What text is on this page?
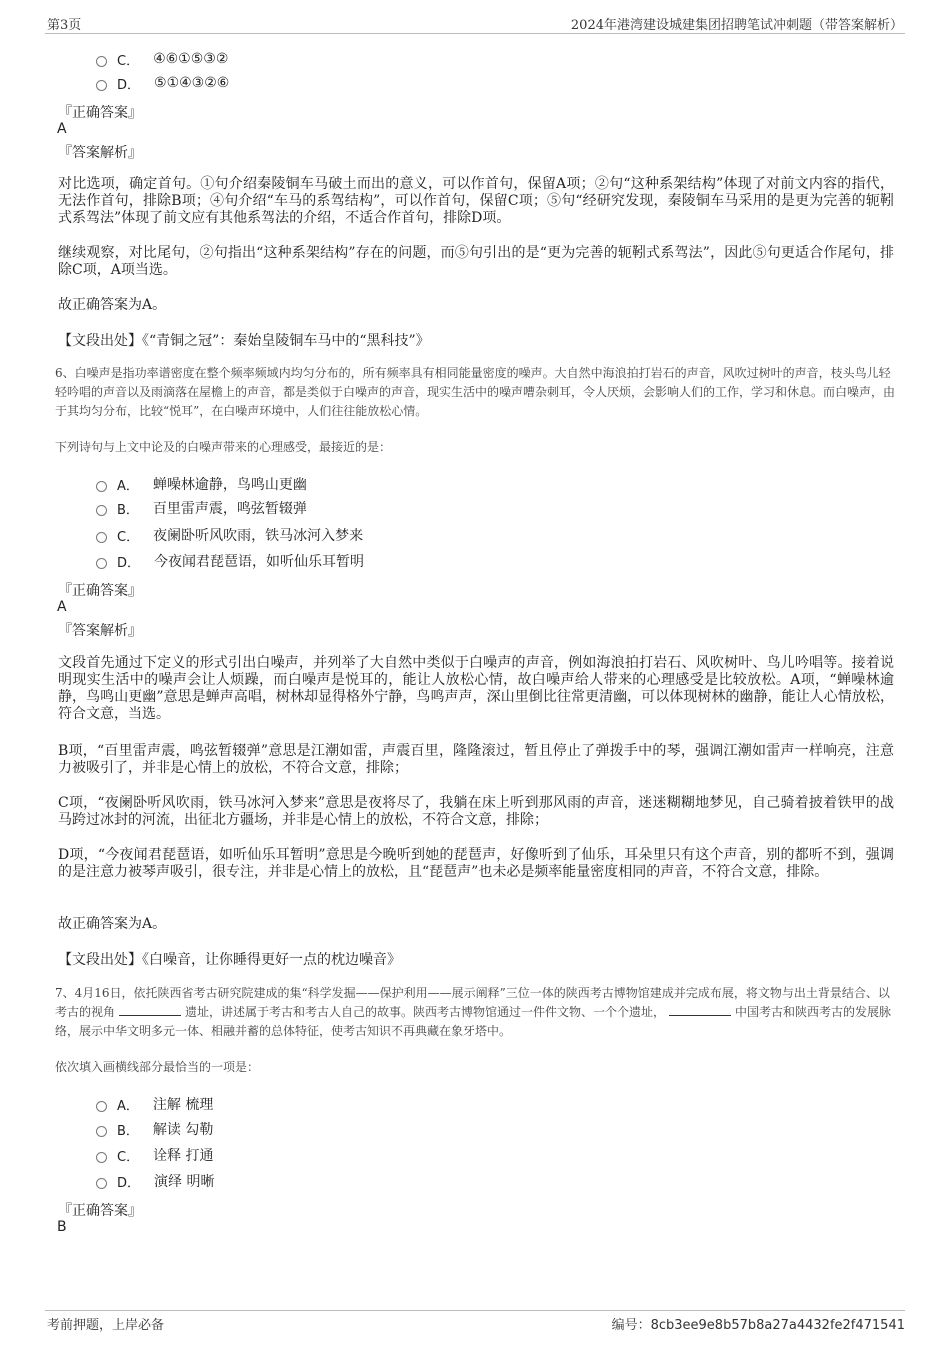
第3页	2024年港湾建设城建集团招聘笔试冲刺题（带答案解析）
C． ④⑥①⑤③②
D． ⑤①④③②⑥
『正确答案』
A
『答案解析』
对比选项，确定首句。①句介绍秦陵铜车马破土而出的意义，可以作首句，保留A项；②句“这种系架结构”体现了对前文内容的指代，无法作首句，排除B项；④句介绍“车马的系驾结构”，可以作首句，保留C项；⑤句“经研究发现，秦陵铜车马采用的是更为完善的轭靷式系驾法”体现了前文应有其他系驾法的介绍，不适合作首句，排除D项。
继续观察，对比尾句，②句指出“这种系架结构”存在的问题，而⑤句引出的是“更为完善的轭靷式系驾法”，因此⑤句更适合作尾句，排除C项，A项当选。
故正确答案为A。
【文段出处】《“青铜之冠”：秦始皇陵铜车马中的“黑科技”》
6、白噪声是指功率谱密度在整个频率频域内均匀分布的，所有频率具有相同能量密度的噪声。大自然中海浪拍打岩石的声音，风吹过树叶的声音，枝头鸟儿轻轻吟唱的声音以及雨滴落在屋檐上的声音，都是类似于白噪声的声音，现实生活中的噪声嘈杂刺耳，令人厌烦，会影响人们的工作，学习和休息。而白噪声，由于其均匀分布，比较“悦耳”，在白噪声环境中，人们往往能放松心情。
下列诗句与上文中论及的白噪声带来的心理感受，最接近的是：
A． 蝉噪林逾静，鸟鸣山更幽
B． 百里雷声震，鸣弦暂辍弹
C． 夜阑卧听风吹雨，铁马冰河入梦来
D． 今夜闻君琵琶语，如听仙乐耳暂明
『正确答案』
A
『答案解析』
文段首先通过下定义的形式引出白噪声，并列举了大自然中类似于白噪声的声音，例如海浪拍打岩石、风吹树叶、鸟儿吟唱等。接着说明现实生活中的噪声会让人烦躁，而白噪声是悦耳的，能让人放松心情，故白噪声给人带来的心理感受是比较放松。A项，“蝉噪林逾静，鸟鸣山更幽”意思是蝉声高唱，树林却显得格外宁静，鸟鸣声声，深山里倒比往常更清幽，可以体现树林的幽静，能让人心情放松，符合文意，当选。
B项，“百里雷声震，鸣弦暂辍弹”意思是江潮如雷，声震百里，隆隆滚过，暂且停止了弹拨手中的琴，强调江潮如雷声一样响亮，注意力被吸引了，并非是心情上的放松，不符合文意，排除；
C项，“夜阑卧听风吹雨，铁马冰河入梦来”意思是夜将尽了，我躺在床上听到那风雨的声音，迷迷糊糊地梦见，自己骑着披着铁甲的战马跨过冰封的河流，出征北方疆场，并非是心情上的放松，不符合文意，排除；
D项，“今夜闻君琵琶语，如听仙乐耳暂明”意思是今晚听到她的琵琶声，好像听到了仙乐，耳朵里只有这个声音，别的都听不到，强调的是注意力被琴声吸引，很专注，并非是心情上的放松，且“琵琶声”也未必是频率能量密度相同的声音，不符合文意，排除。
故正确答案为A。
【文段出处】《白噪音，让你睡得更好一点的枕边噪音》
7、4月16日，依托陕西省考古研究院建成的集“科学发掘——保护利用——展示阐释”三位一体的陕西考古博物馆建成并完成布展，将文物与出土背景结合、以考古的视角	遗址，讲述属于考古和考古人自己的故事。陕西考古博物馆通过一件件文物、一个个遗址，	中国考古和陕西考古的发展脉络，展示中华文明多元一体、相融并蓄的总体特征，使考古知识不再典藏在象牙塔中。
依次填入画横线部分最恰当的一项是：
A． 注解 梳理
B． 解读 勾勒
C． 诠释 打通
D． 演绎 明晰
『正确答案』
B
考前押题，上岸必备	编号：8cb3ee9e8b57b8a27a4432fe2f471541
